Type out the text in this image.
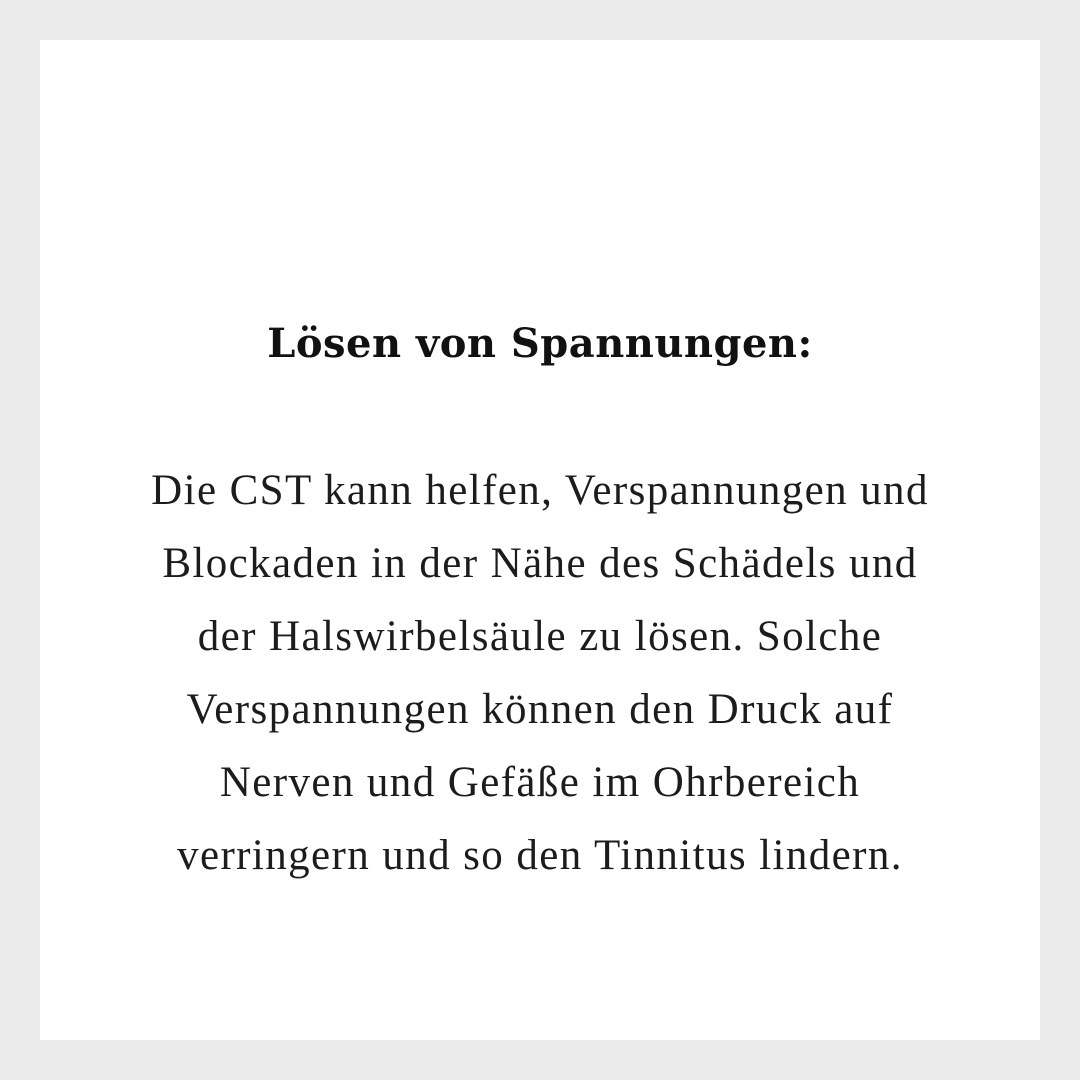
Lösen von Spannungen:
Die CST kann helfen, Verspannungen und
Blockaden in der Nähe des Schädels und
der Halswirbelsäule zu lösen. Solche
Verspannungen können den Druck auf
Nerven und Gefäße im Ohrbereich
verringern und so den Tinnitus lindern.
